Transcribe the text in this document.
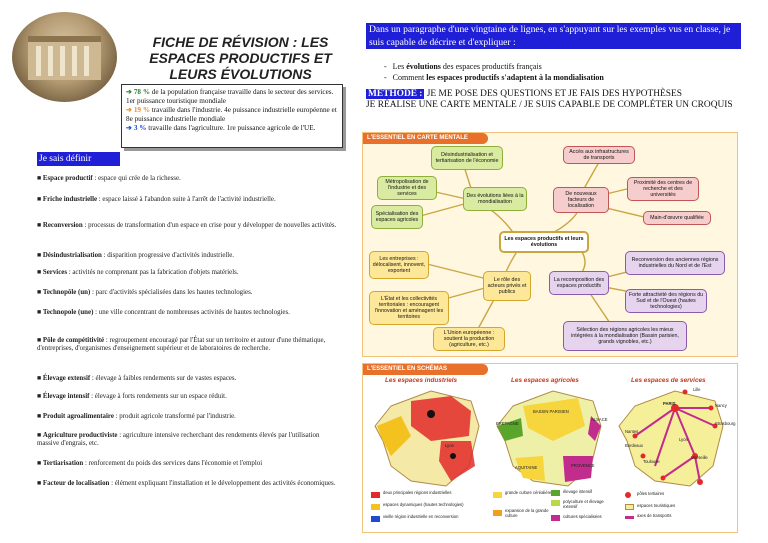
FICHE DE RÉVISION : LES ESPACES PRODUCTIFS ET LEURS ÉVOLUTIONS

➔ 78 % de la population française travaille dans le secteur des services. 1er puissance touristique mondiale

➔ 19 % travaille dans l'industrie. 4e puissance industrielle européenne et 8e puissance industrielle mondiale

➔ 3 % travaille dans l'agriculture. 1re puissance agricole de l'UE.

Je sais définir
■ Espace productif : espace qui crée de la richesse.
■ Friche industrielle : espace laissé à l'abandon suite à l'arrêt de l'activité industrielle.
■ Reconversion : processus de transformation d'un espace en crise pour y développer de nouvelles activités.
■ Désindustrialisation : disparition progressive d'activités industrielle.
■ Services : activités ne comprenant pas la fabrication d'objets matériels.
■ Technopôle (un) : parc d'activités spécialisées dans les hautes technologies.
■ Technopole (une) : une ville concentrant de nombreuses activités de hautes technologies.
■ Pôle de compétitivité : regroupement encouragé par l'État sur un territoire et autour d'une thématique, d'entreprises, d'organismes d'enseignement supérieur et de laboratoires de recherche.
■ Élevage extensif : élevage à faibles rendements sur de vastes espaces.
■ Élevage intensif : élevage à forts rendements sur un espace réduit.
■ Produit agroalimentaire : produit agricole transformé par l'industrie.
■ Agriculture productiviste : agriculture intensive recherchant des rendements élevés par l'utilisation massive d'engrais, etc.
■ Tertiarisation : renforcement du poids des services dans l'économie et l'emploi
■ Facteur de localisation : élément expliquant l'installation et le développement des activités économiques.
Dans un paragraphe d'une vingtaine de lignes, en s'appuyant sur les exemples vus en classe, je suis capable de décrire et d'expliquer :
-   Les évolutions des espaces productifs français
-   Comment les espaces productifs s'adaptent à la mondialisation
MÉTHODE : JE ME POSE DES QUESTIONS ET JE FAIS DES HYPOTHÈSES
JE RÉALISE UNE CARTE MENTALE / JE SUIS CAPABLE DE COMPLÉTER UN CROQUIS
L'ESSENTIEL EN CARTE MENTALE
Désindustrialisation et tertiarisation de l'économie
Métropolisation de l'industrie et des services
Spécialisation des espaces agricoles
Des évolutions liées à la mondialisation
Accès aux infrastructures de transports
Proximité des centres de recherche et des universités
Main-d'œuvre qualifiée
De nouveaux facteurs de localisation
Les espaces productifs et leurs évolutions
Les entreprises : délocalisent, innovent, exportent
L'État et les collectivités territoriales : encouragent l'innovation et aménagent les territoires
L'Union européenne : soutient la production (agriculture, etc.)
Le rôle des acteurs privés et publics
Reconversion des anciennes régions industrielles du Nord et de l'Est
La recomposition des espaces productifs
Forte attractivité des régions du Sud et de l'Ouest (hautes technologies)
Sélection des régions agricoles les mieux intégrées à la mondialisation (Bassin parisien, grands vignobles, etc.)
L'ESSENTIEL EN SCHÉMAS
Les espaces industriels	Les espaces agricoles	Les espaces de services
Lyon
BRETAGNE
BASSIN PARISIEN
ALSACE
AQUITAINE	PROVENCE
Lille
Nancy
Strasbourg
PARIS
Nantes
Bordeaux
Lyon
Toulouse
Marseille
deux principales régions industrielles
espaces dynamiques (hautes technologies)
vieille région industrielle en reconversion
grande culture céréalière
expansion de la grande culture
élevage intensif
polyculture et élevage extensif
cultures spécialisées
pôles tertiaires
espaces touristiques
axes de transports
